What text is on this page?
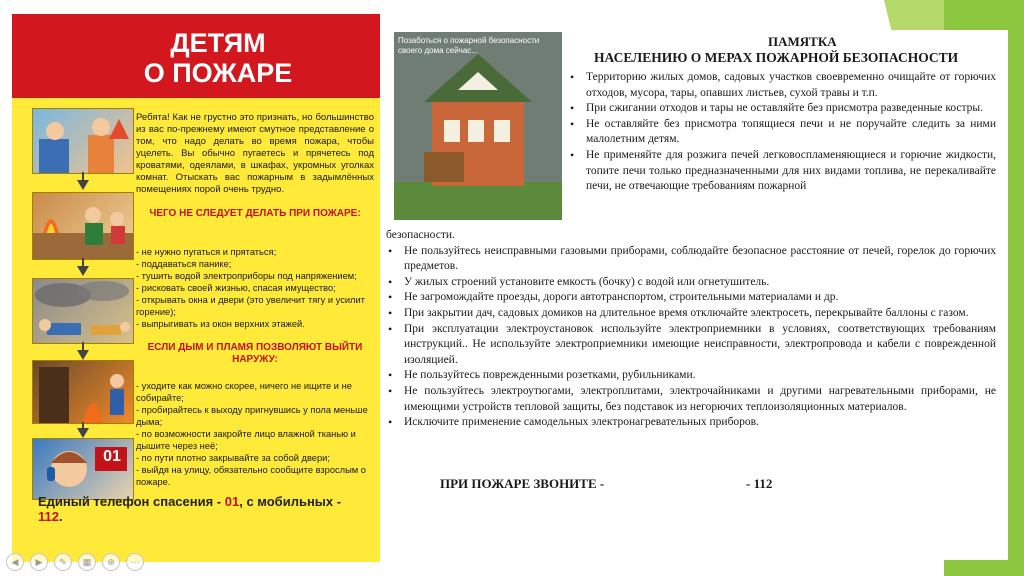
ДЕТЯМ
О ПОЖАРЕ
01
Ребята! Как не грустно это признать, но большинство из вас по-прежнему имеют смутное представление о том, что надо делать во время пожара, чтобы уцелеть. Вы обычно пугаетесь и прячетесь под кроватями, одеялами, в шкафах, укромных уголках комнат. Отыскать вас пожарным в задымлённых помещениях порой очень трудно.
ЧЕГО НЕ СЛЕДУЕТ ДЕЛАТЬ ПРИ ПОЖАРЕ:
- не нужно пугаться и прятаться;
- поддаваться панике;
- тушить водой электроприборы под напряжением;
- рисковать своей жизнью, спасая имущество;
- открывать окна и двери (это увеличит тягу и усилит горение);
- выпрыгивать из окон верхних этажей.
ЕСЛИ ДЫМ И ПЛАМЯ ПОЗВОЛЯЮТ ВЫЙТИ НАРУЖУ:
- уходите как можно скорее, ничего не ищите и не собирайте;
- пробирайтесь к выходу пригнувшись у пола меньше дыма;
- по возможности закройте лицо влажной тканью и дышите через неё;
- по пути плотно закрывайте за собой двери;
- выйдя на улицу, обязательно сообщите взрослым о пожаре.
Единый телефон спасения - 01, с мобильных - 112.
Позаботься о пожарной безопасности своего дома сейчас...
ПАМЯТКА
НАСЕЛЕНИЮ О МЕРАХ ПОЖАРНОЙ БЕЗОПАСНОСТИ
• Территорию жилых домов, садовых участков своевременно очищайте от горючих отходов, мусора, тары, опавших листьев, сухой травы и т.п.
• При сжигании отходов и тары не оставляйте без присмотра разведенные костры.
• Не оставляйте без присмотра топящиеся печи и не поручайте следить за ними малолетним детям.
• Не применяйте для розжига печей легковоспламеняющиеся и горючие жидкости, топите печи только предназначенными для них видами топлива, не перекаливайте печи, не отвечающие требованиям пожарной
безопасности.
• Не пользуйтесь неисправными газовыми приборами, соблюдайте безопасное расстояние от печей, горелок до горючих предметов.
• У жилых строений установите емкость (бочку) с водой или огнетушитель.
• Не загромождайте проезды, дороги автотранспортом, строительными материалами и др.
• При закрытии дач, садовых домиков на длительное время отключайте электросеть, перекрывайте баллоны с газом.
• При эксплуатации электроустановок используйте электроприемники в условиях, соответствующих требованиям инструкций.. Не используйте электроприемники имеющие неисправности, электропровода и кабели с поврежденной изоляцией.
• Не пользуйтесь поврежденными розетками, рубильниками.
• Не пользуйтесь электроутюгами, электроплитами, электрочайниками и другими нагревательными приборами, не имеющими устройств тепловой защиты, без подставок из негорючих теплоизоляционных материалов.
• Исключите применение самодельных электронагревательных приборов.
ПРИ ПОЖАРЕ ЗВОНИТЕ -	- 112
◀	▶	✎	▦	⊕	⋯
